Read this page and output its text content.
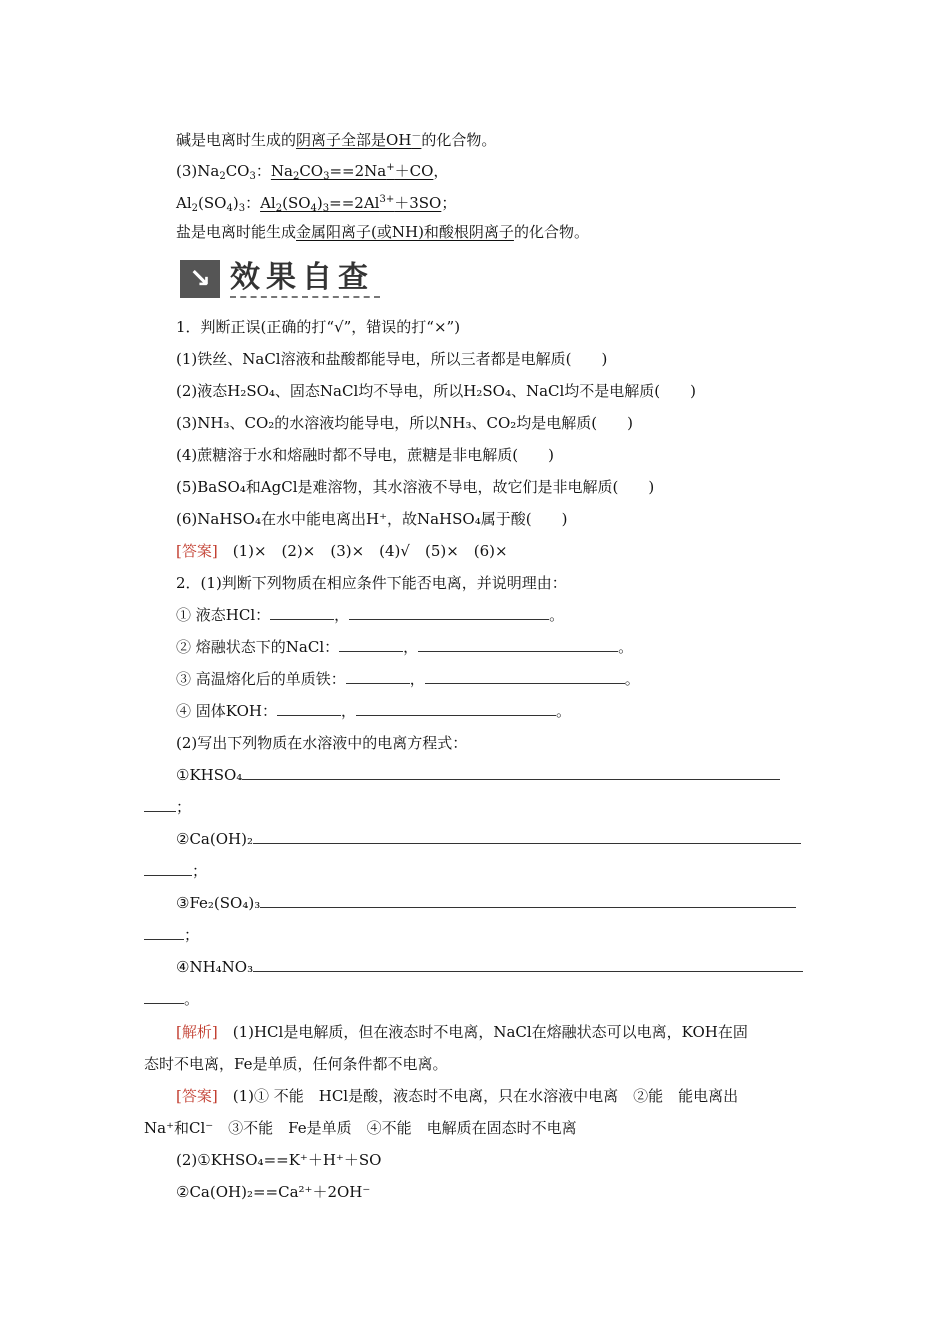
碱是电离时生成的阴离子全部是OH－的化合物。
$(3)Na_2CO_3$：$Na_2CO_3==2Na^++CO$，
$Al_2(SO_4)_3$：$Al_2(SO_4)_3==2Al^{3+}+3SO$；
盐是电离时能生成金属阳离子(或NH)和酸根阴离子的化合物。
↘ 效果自查
1．判断正误(正确的打“√”，错误的打“×”)
(1)铁丝、NaCl溶液和盐酸都能导电，所以三者都是电解质(　　)
(2)液态H₂SO₄、固态NaCl均不导电，所以H₂SO₄、NaCl均不是电解质(　　)
(3)NH₃、CO₂的水溶液均能导电，所以NH₃、CO₂均是电解质(　　)
(4)蔗糖溶于水和熔融时都不导电，蔗糖是非电解质(　　)
(5)BaSO₄和AgCl是难溶物，其水溶液不导电，故它们是非电解质(　　)
(6)NaHSO₄在水中能电离出H⁺，故NaHSO₄属于酸(　　)
[答案]　(1)×　(2)×　(3)×　(4)√　(5)×　(6)×
2．(1)判断下列物质在相应条件下能否电离，并说明理由：
① 液态HCl：	，	。
② 熔融状态下的NaCl：	，	。
③ 高温熔化后的单质铁：	，	。
④ 固体KOH：	，	。
(2)写出下列物质在水溶液中的电离方程式：
①KHSO₄
；
②Ca(OH)₂
；
③Fe₂(SO₄)₃
；
④NH₄NO₃
。
[解析]　(1)HCl是电解质，但在液态时不电离，NaCl在熔融状态可以电离，KOH在固
态时不电离，Fe是单质，任何条件都不电离。
[答案]　(1)① 不能　HCl是酸，液态时不电离，只在水溶液中电离　②能　能电离出
Na⁺和Cl⁻　③不能　Fe是单质　④不能　电解质在固态时不电离
(2)①KHSO₄==K⁺＋H⁺＋SO
②Ca(OH)₂==Ca²⁺＋2OH⁻
